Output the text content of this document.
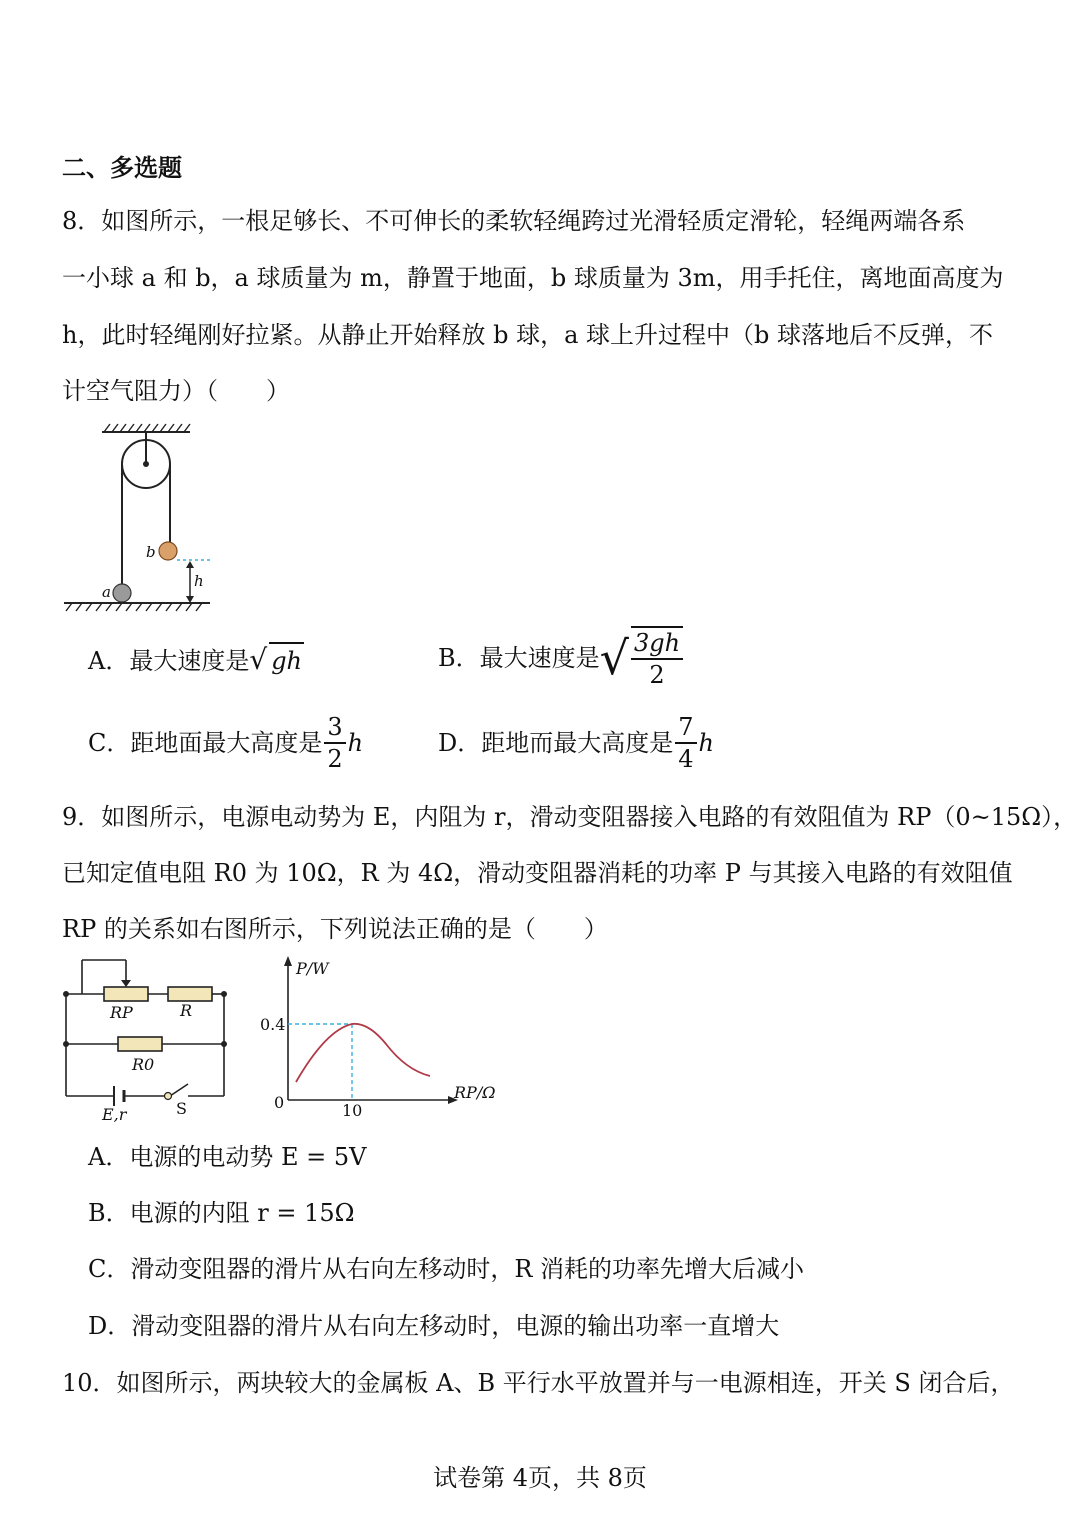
二、多选题
8．如图所示，一根足够长、不可伸长的柔软轻绳跨过光滑轻质定滑轮，轻绳两端各系
一小球 a 和 b，a 球质量为 m，静置于地面，b 球质量为 3m，用手托住，离地面高度为
h，此时轻绳刚好拉紧。从静止开始释放 b 球，a 球上升过程中（b 球落地后不反弹，不
计空气阻力）（　　）
b
a
h
A．最大速度是√ gh	B．最大速度是√ $\frac{3gh}{2}$
C．距地面最大高度是 $\frac{3}{2}$ h	D．距地而最大高度是 $\frac{7}{4}$ h
9．如图所示，电源电动势为 E，内阻为 r，滑动变阻器接入电路的有效阻值为 RP（0~15Ω），
已知定值电阻 R0 为 10Ω，R 为 4Ω，滑动变阻器消耗的功率 P 与其接入电路的有效阻值
RP 的关系如右图所示，下列说法正确的是（　　）
RP	R
R0
E,r	S
P/W
RP/Ω
0
0.4
10
A．电源的电动势 E = 5V
B．电源的内阻 r = 15Ω
C．滑动变阻器的滑片从右向左移动时，R 消耗的功率先增大后减小
D．滑动变阻器的滑片从右向左移动时，电源的输出功率一直增大
10．如图所示，两块较大的金属板 A、B 平行水平放置并与一电源相连，开关 S 闭合后，
试卷第 4页，共 8页
